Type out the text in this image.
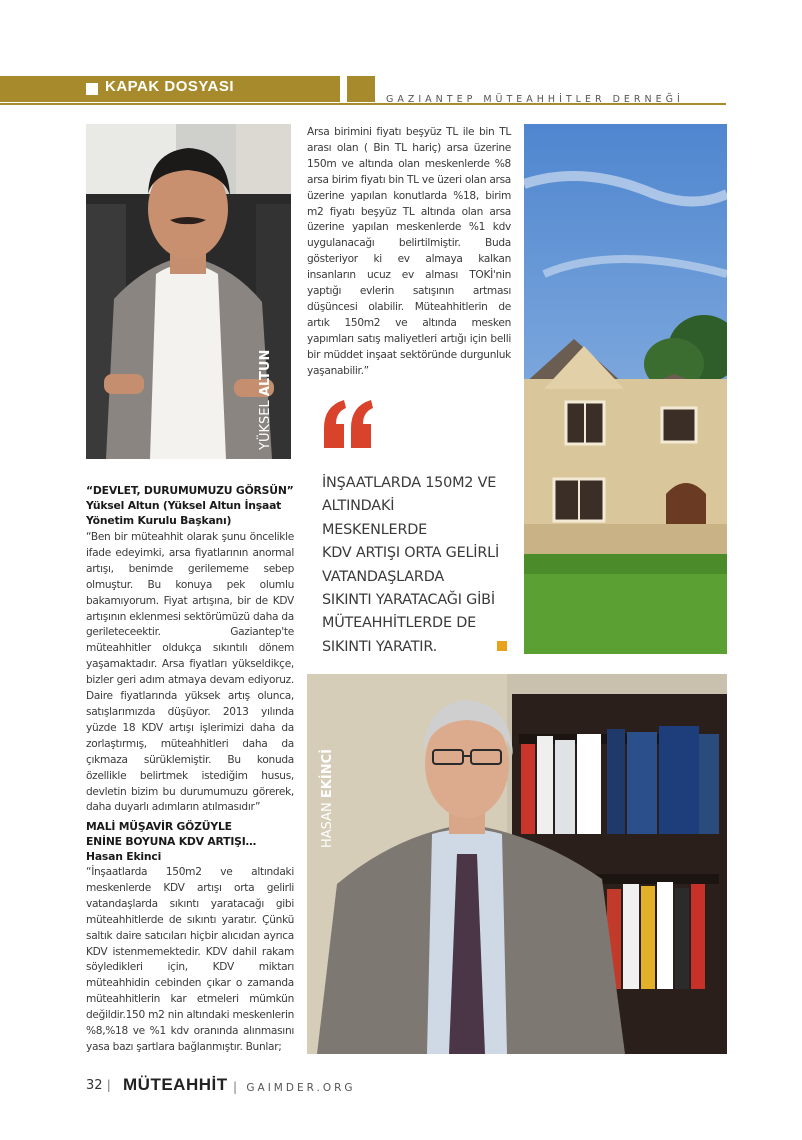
KAPAK DOSYASI
GAZIANTEP MÜTEAHHİTLER DERNEĞİ
YÜKSEL ALTUN
“DEVLET, DURUMUMUZU GÖRSÜN”
Yüksel Altun (Yüksel Altun İnşaat Yönetim Kurulu Başkanı)

“Ben bir müteahhit olarak şunu öncelikle ifade edeyimki, arsa fiyatlarının anormal artışı, benimde gerilememe sebep olmuştur. Bu konuya pek olumlu bakamıyorum. Fiyat artışına, bir de KDV artışının eklenmesi sektörümüzü daha da gerileteceektir. Gaziantep'te müteahhitler oldukça sıkıntılı dönem yaşamaktadır. Arsa fiyatları yükseldikçe, bizler geri adım atmaya devam ediyoruz. Daire fiyatlarında yüksek artış olunca, satışlarımızda düşüyor. 2013 yılında yüzde 18 KDV artışı işlerimizi daha da zorlaştırmış, müteahhitleri daha da çıkmaza sürüklemiştir. Bu konuda özellikle belirtmek istediğim husus, devletin bizim bu durumumuzu görerek, daha duyarlı adımların atılmasıdır”

MALİ MÜŞAVİR GÖZÜYLE
ENİNE BOYUNA KDV ARTIŞI…
Hasan Ekinci

“İnşaatlarda 150m2 ve altındaki meskenlerde KDV artışı orta gelirli vatandaşlarda sıkıntı yaratacağı gibi müteahhitlerde de sıkıntı yaratır. Çünkü saltık daire satıcıları hiçbir alıcıdan ayrıca KDV istenmemektedir. KDV dahil rakam söyledikleri için, KDV miktarı müteahhidin cebinden çıkar o zamanda müteahhitlerin kar etmeleri mümkün değildir.150 m2 nin altındaki meskenlerin %8,%18 ve %1 kdv oranında alınmasını yasa bazı şartlara bağlanmıştır. Bunlar;

Arsa birimini fiyatı beşyüz TL ile bin TL arası olan ( Bin TL hariç) arsa üzerine 150m ve altında olan meskenlerde %8 arsa birim fiyatı bin TL ve üzeri olan arsa üzerine yapılan konutlarda %18, birim m2 fiyatı beşyüz TL altında olan arsa üzerine yapılan meskenlerde %1 kdv uygulanacağı belirtilmiştir. Buda gösteriyor ki ev almaya kalkan insanların ucuz ev alması TOKİ'nin yaptığı evlerin satışının artması düşüncesi olabilir. Müteahhitlerin de artık 150m2 ve altında mesken yapımları satış maliyetleri artığı için belli bir müddet inşaat sektöründe durgunluk yaşanabilir.”

İNŞAATLARDA 150M2 VE
ALTINDAKİ MESKENLERDE
KDV ARTIŞI ORTA GELİRLİ
VATANDAŞLARDA
SIKINTI YARATACAĞI GİBİ
MÜTEAHHİTLERDE DE
SIKINTI YARATIR.
HASAN EKİNCİ
32 | MÜTEAHHİT | GAIMDER.ORG
